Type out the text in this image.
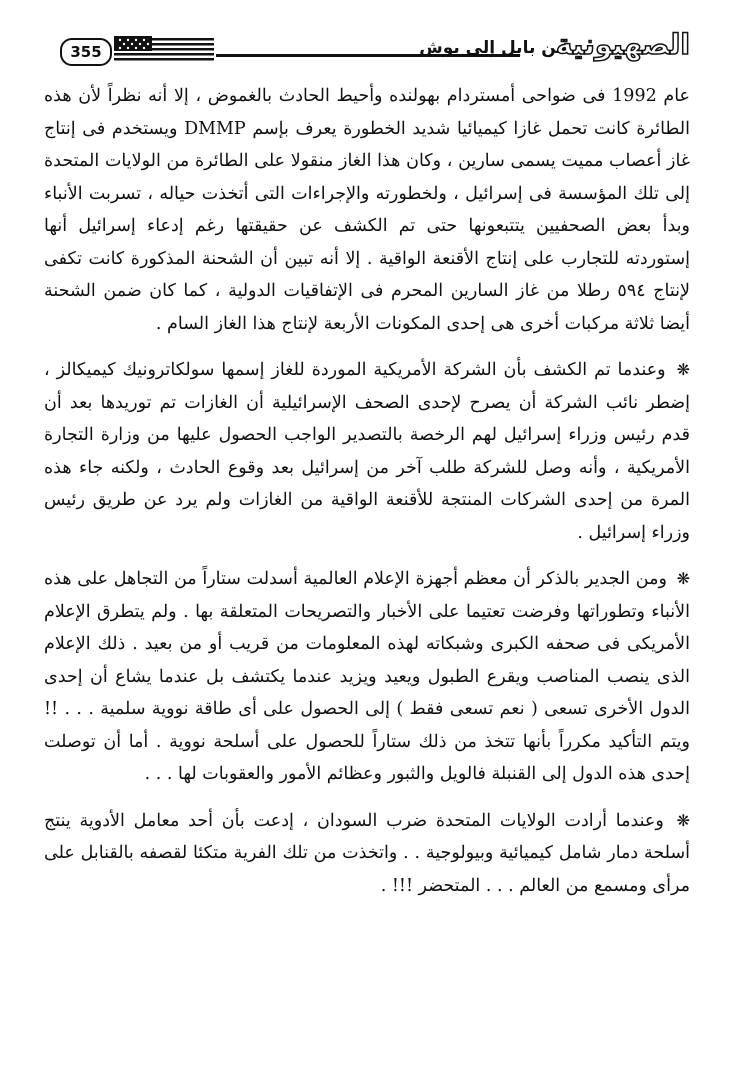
355	..من بابل إلى بوش
الصهيونية

عام 1992 فى ضواحى أمستردام بهولنده وأحيط الحادث بالغموض ، إلا أنه نظراً لأن هذه الطائرة كانت تحمل غازا كيميائيا شديد الخطورة يعرف بإسم DMMP ويستخدم فى إنتاج غاز أعصاب مميت يسمى سارين ، وكان هذا الغاز منقولا على الطائرة من الولايات المتحدة إلى تلك المؤسسة فى إسرائيل ، ولخطورته والإجراءات التى أتخذت حياله ، تسربت الأنباء وبدأ بعض الصحفيين يتتبعونها حتى تم الكشف عن حقيقتها رغم إدعاء إسرائيل أنها إستوردته للتجارب على إنتاج الأقنعة الواقية . إلا أنه تبين أن الشحنة المذكورة كانت تكفى لإنتاج ٥٩٤ رطلا من غاز السارين المحرم فى الإتفاقيات الدولية ، كما كان ضمن الشحنة أيضا ثلاثة مركبات أخرى هى إحدى المكونات الأربعة لإنتاج هذا الغاز السام .

❋ وعندما تم الكشف بأن الشركة الأمريكية الموردة للغاز إسمها سولكاترونيك كيميكالز ، إضطر نائب الشركة أن يصرح لإحدى الصحف الإسرائيلية أن الغازات تم توريدها بعد أن قدم رئيس وزراء إسرائيل لهم الرخصة بالتصدير الواجب الحصول عليها من وزارة التجارة الأمريكية ، وأنه وصل للشركة طلب آخر من إسرائيل بعد وقوع الحادث ، ولكنه جاء هذه المرة من إحدى الشركات المنتجة للأقنعة الواقية من الغازات ولم يرد عن طريق رئيس وزراء إسرائيل .

❋ ومن الجدير بالذكر أن معظم أجهزة الإعلام العالمية أسدلت ستاراً من التجاهل على هذه الأنباء وتطوراتها وفرضت تعتيما على الأخبار والتصريحات المتعلقة بها . ولم يتطرق الإعلام الأمريكى فى صحفه الكبرى وشبكاته لهذه المعلومات من قريب أو من بعيد . ذلك الإعلام الذى ينصب المناصب ويقرع الطبول ويعيد ويزيد عندما يكتشف بل عندما يشاع أن إحدى الدول الأخرى تسعى ( نعم تسعى فقط ) إلى الحصول على أى طاقة نووية سلمية . . . !! ويتم التأكيد مكرراً بأنها تتخذ من ذلك ستاراً للحصول على أسلحة نووية . أما أن توصلت إحدى هذه الدول إلى القنبلة فالويل والثبور وعظائم الأمور والعقوبات لها . . .

❋ وعندما أرادت الولايات المتحدة ضرب السودان ، إدعت بأن أحد معامل الأدوية ينتج أسلحة دمار شامل كيميائية وبيولوجية . . واتخذت من تلك الفرية متكئا لقصفه بالقنابل على مرأى ومسمع من العالم . . . المتحضر !!! .
